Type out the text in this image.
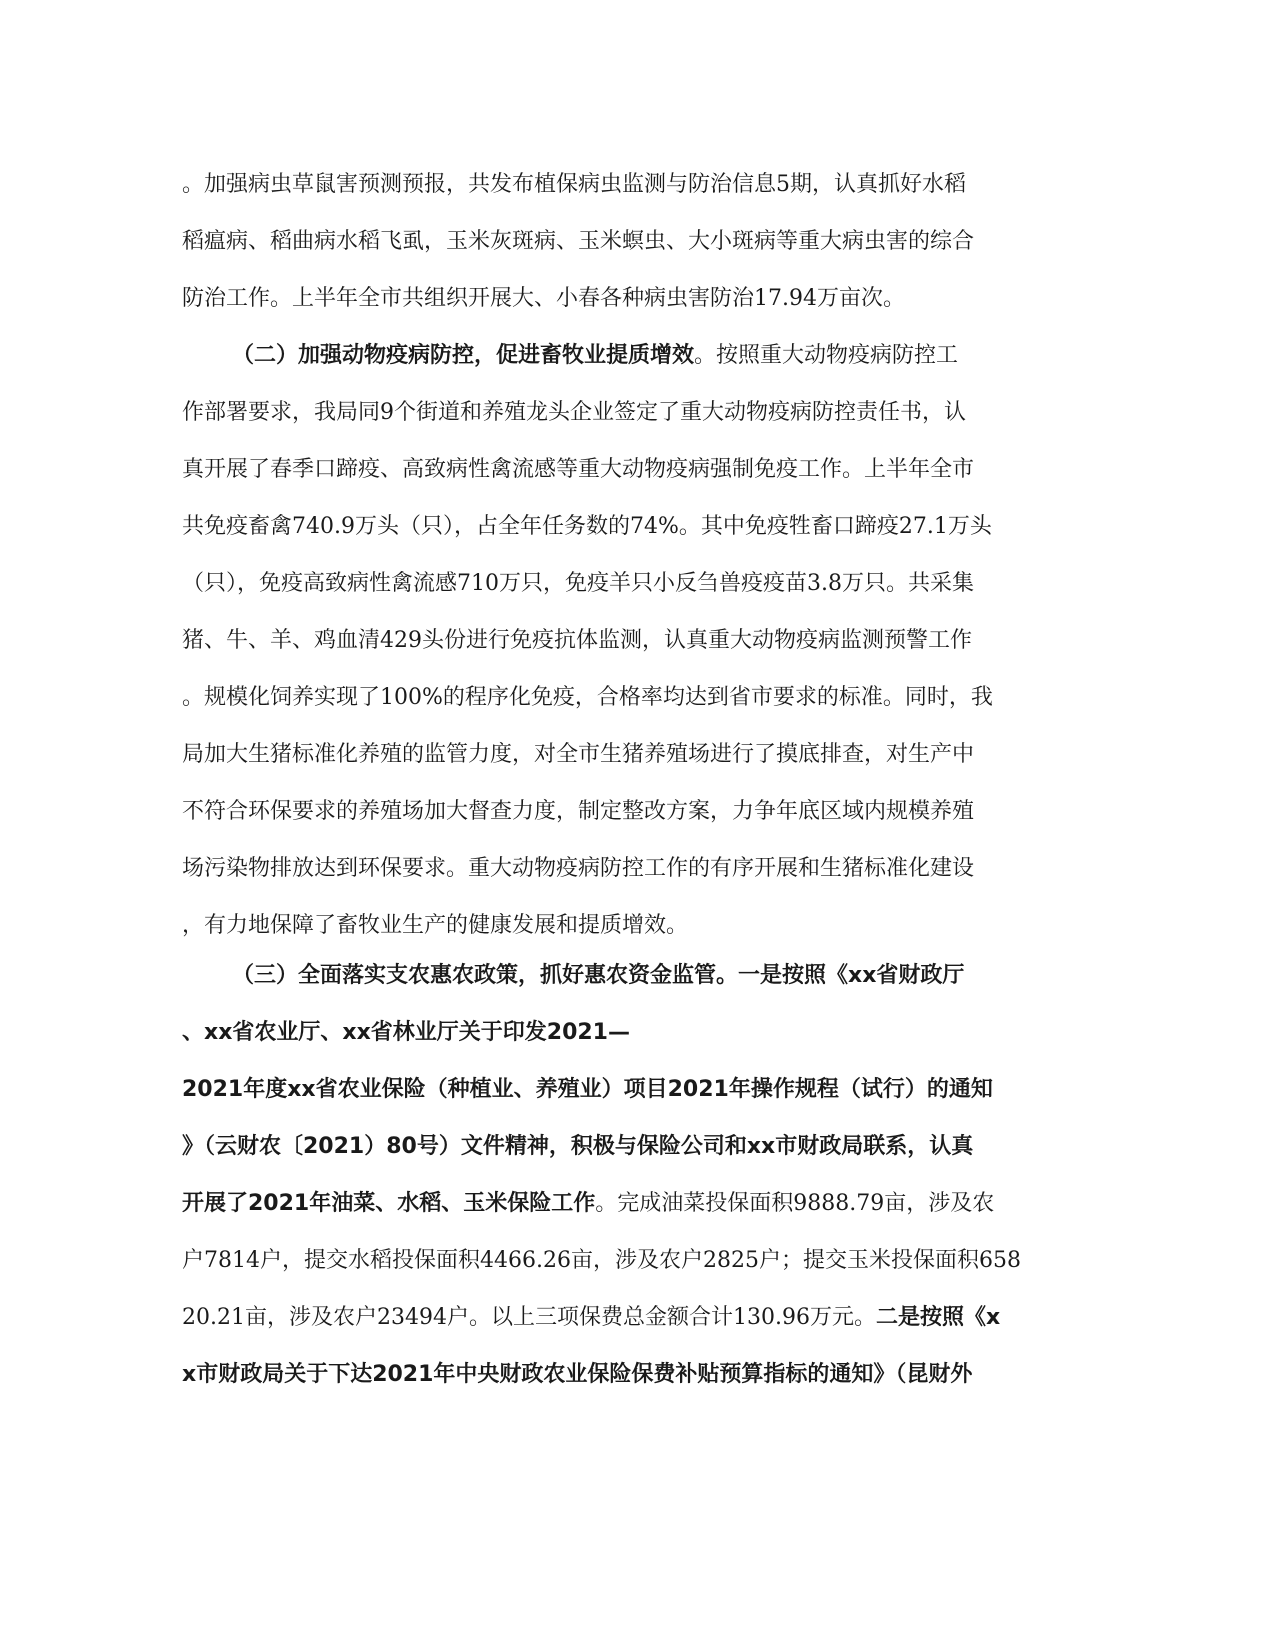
。加强病虫草鼠害预测预报，共发布植保病虫监测与防治信息5期，认真抓好水稻
稻瘟病、稻曲病水稻飞虱，玉米灰斑病、玉米螟虫、大小斑病等重大病虫害的综合
防治工作。上半年全市共组织开展大、小春各种病虫害防治17.94万亩次。
（二）加强动物疫病防控，促进畜牧业提质增效。按照重大动物疫病防控工
作部署要求，我局同9个街道和养殖龙头企业签定了重大动物疫病防控责任书，认
真开展了春季口蹄疫、高致病性禽流感等重大动物疫病强制免疫工作。上半年全市
共免疫畜禽740.9万头（只），占全年任务数的74%。其中免疫牲畜口蹄疫27.1万头
（只），免疫高致病性禽流感710万只，免疫羊只小反刍兽疫疫苗3.8万只。共采集
猪、牛、羊、鸡血清429头份进行免疫抗体监测，认真重大动物疫病监测预警工作
。规模化饲养实现了100%的程序化免疫，合格率均达到省市要求的标准。同时，我
局加大生猪标准化养殖的监管力度，对全市生猪养殖场进行了摸底排查，对生产中
不符合环保要求的养殖场加大督查力度，制定整改方案，力争年底区域内规模养殖
场污染物排放达到环保要求。重大动物疫病防控工作的有序开展和生猪标准化建设
，有力地保障了畜牧业生产的健康发展和提质增效。
（三）全面落实支农惠农政策，抓好惠农资金监管。一是按照《xx省财政厅
、xx省农业厅、xx省林业厅关于印发2021—
2021年度xx省农业保险（种植业、养殖业）项目2021年操作规程（试行）的通知
》（云财农〔2021）80号）文件精神，积极与保险公司和xx市财政局联系，认真
开展了2021年油菜、水稻、玉米保险工作。完成油菜投保面积9888.79亩，涉及农
户7814户，提交水稻投保面积4466.26亩，涉及农户2825户；提交玉米投保面积658
20.21亩，涉及农户23494户。以上三项保费总金额合计130.96万元。二是按照《x
x市财政局关于下达2021年中央财政农业保险保费补贴预算指标的通知》（昆财外
